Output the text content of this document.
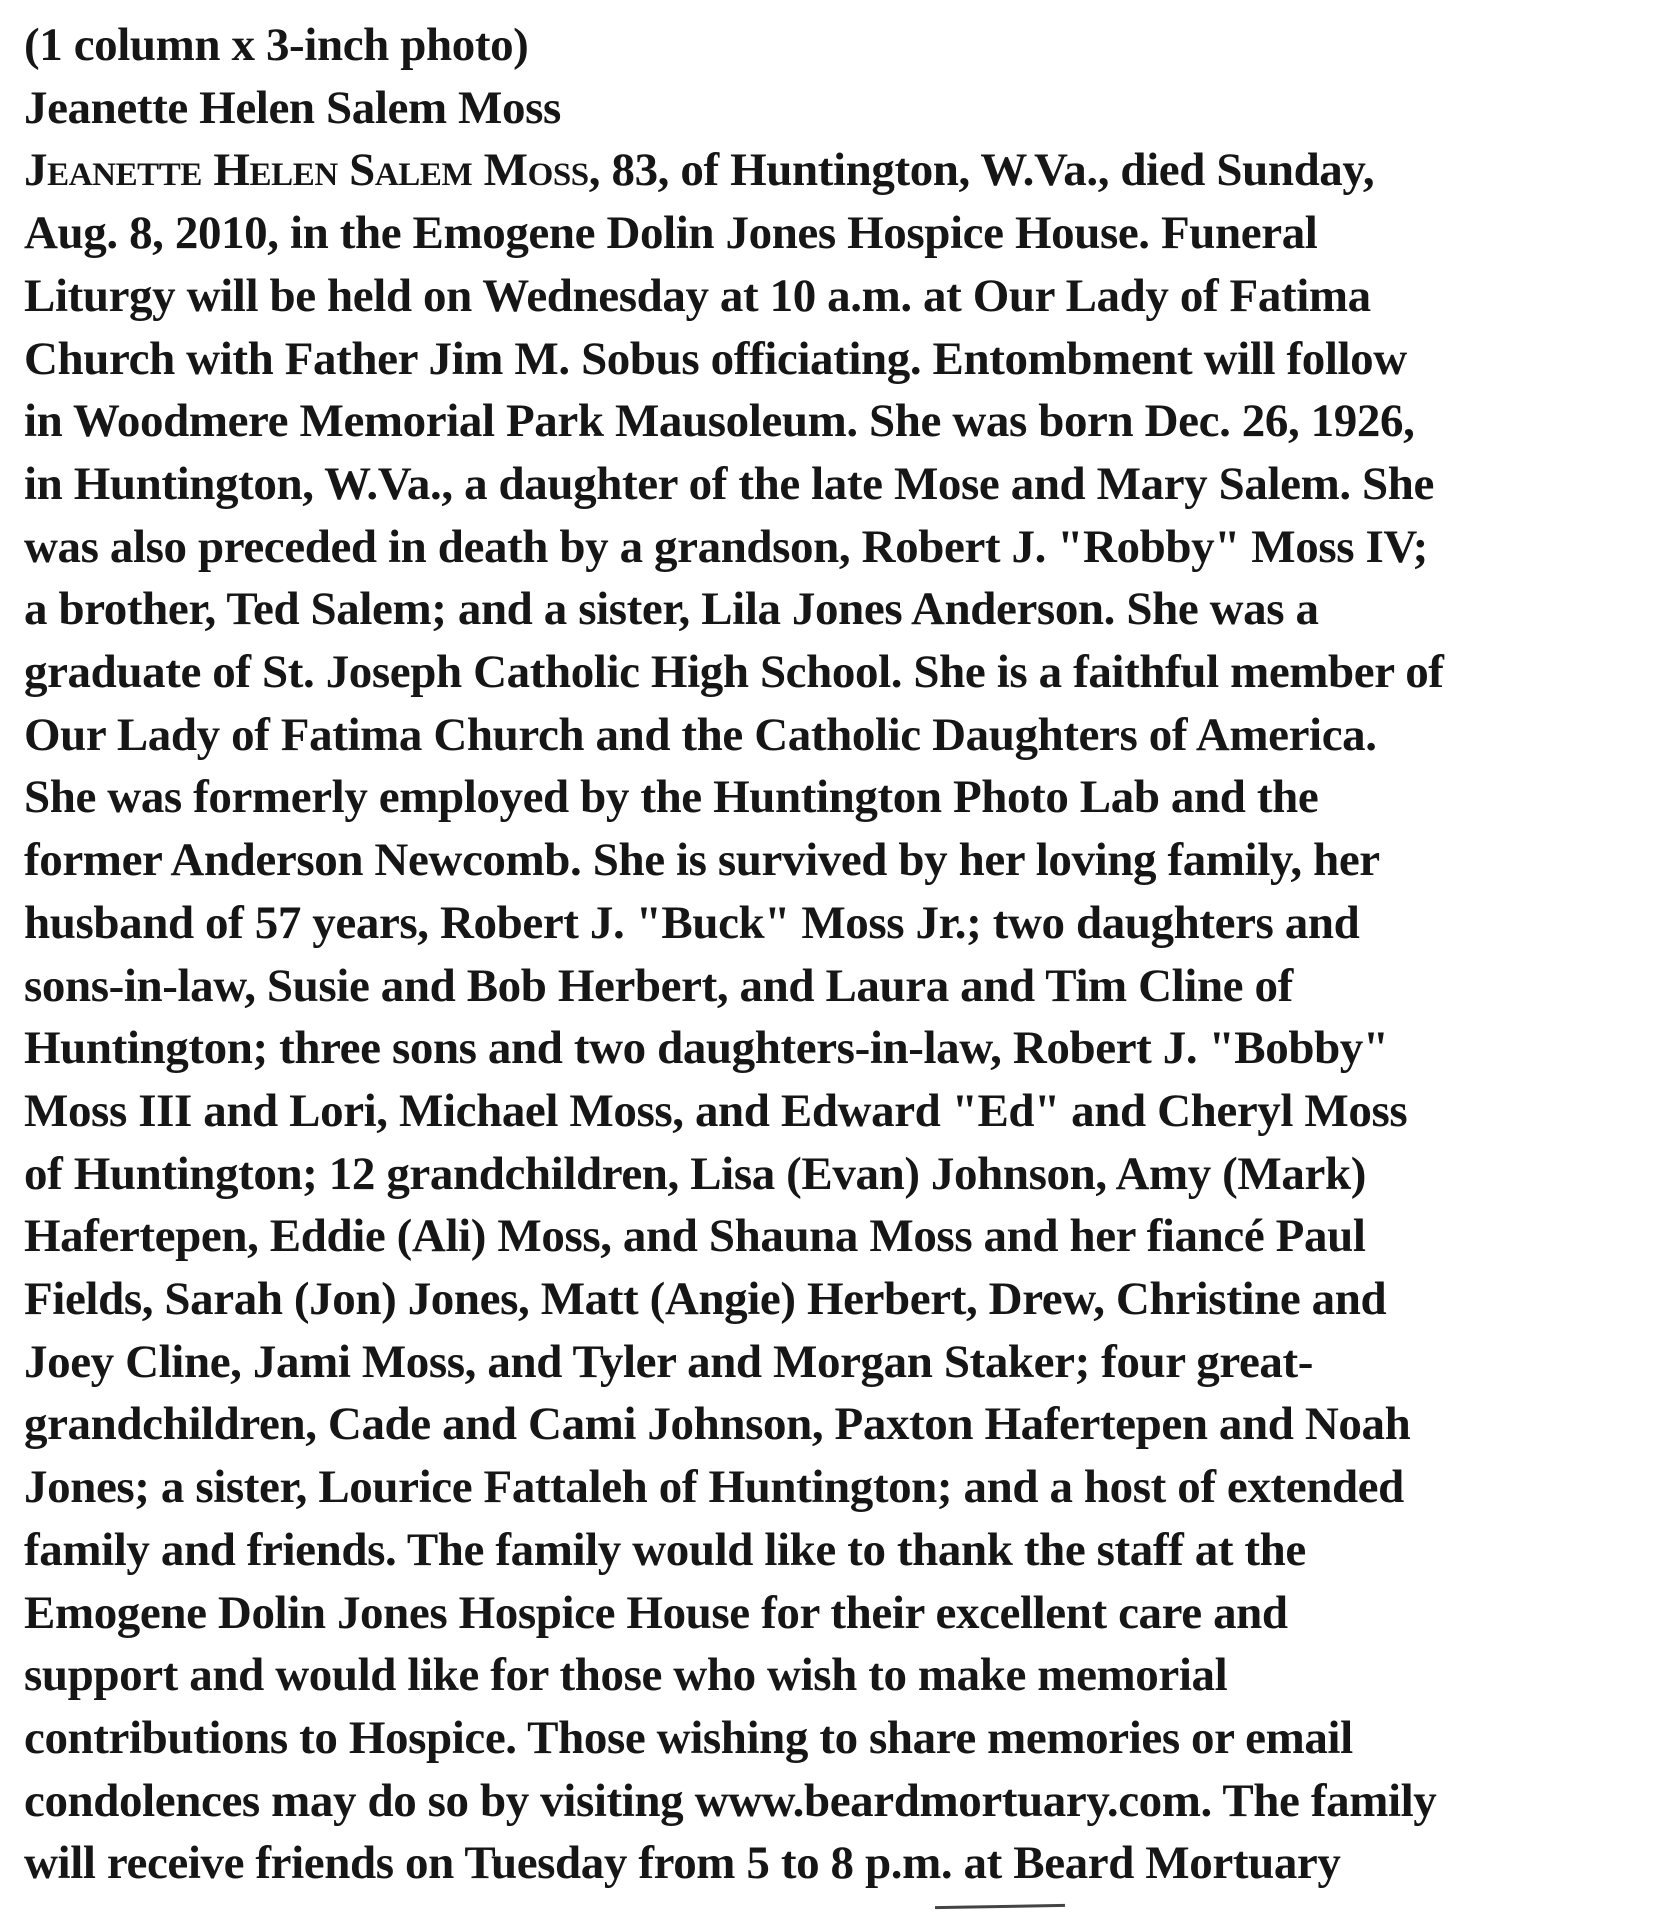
(1 column x 3-inch photo)
Jeanette Helen Salem Moss
Jeanette Helen Salem Moss, 83, of Huntington, W.Va., died Sunday,
Aug. 8, 2010, in the Emogene Dolin Jones Hospice House. Funeral
Liturgy will be held on Wednesday at 10 a.m. at Our Lady of Fatima
Church with Father Jim M. Sobus officiating. Entombment will follow
in Woodmere Memorial Park Mausoleum. She was born Dec. 26, 1926,
in Huntington, W.Va., a daughter of the late Mose and Mary Salem. She
was also preceded in death by a grandson, Robert J. "Robby" Moss IV;
a brother, Ted Salem; and a sister, Lila Jones Anderson. She was a
graduate of St. Joseph Catholic High School. She is a faithful member of
Our Lady of Fatima Church and the Catholic Daughters of America.
She was formerly employed by the Huntington Photo Lab and the
former Anderson Newcomb. She is survived by her loving family, her
husband of 57 years, Robert J. "Buck" Moss Jr.; two daughters and
sons-in-law, Susie and Bob Herbert, and Laura and Tim Cline of
Huntington; three sons and two daughters-in-law, Robert J. "Bobby"
Moss III and Lori, Michael Moss, and Edward "Ed" and Cheryl Moss
of Huntington; 12 grandchildren, Lisa (Evan) Johnson, Amy (Mark)
Hafertepen, Eddie (Ali) Moss, and Shauna Moss and her fiancé Paul
Fields, Sarah (Jon) Jones, Matt (Angie) Herbert, Drew, Christine and
Joey Cline, Jami Moss, and Tyler and Morgan Staker; four great-
grandchildren, Cade and Cami Johnson, Paxton Hafertepen and Noah
Jones; a sister, Lourice Fattaleh of Huntington; and a host of extended
family and friends. The family would like to thank the staff at the
Emogene Dolin Jones Hospice House for their excellent care and
support and would like for those who wish to make memorial
contributions to Hospice. Those wishing to share memories or email
condolences may do so by visiting www.beardmortuary.com. The family
will receive friends on Tuesday from 5 to 8 p.m. at Beard Mortuary
